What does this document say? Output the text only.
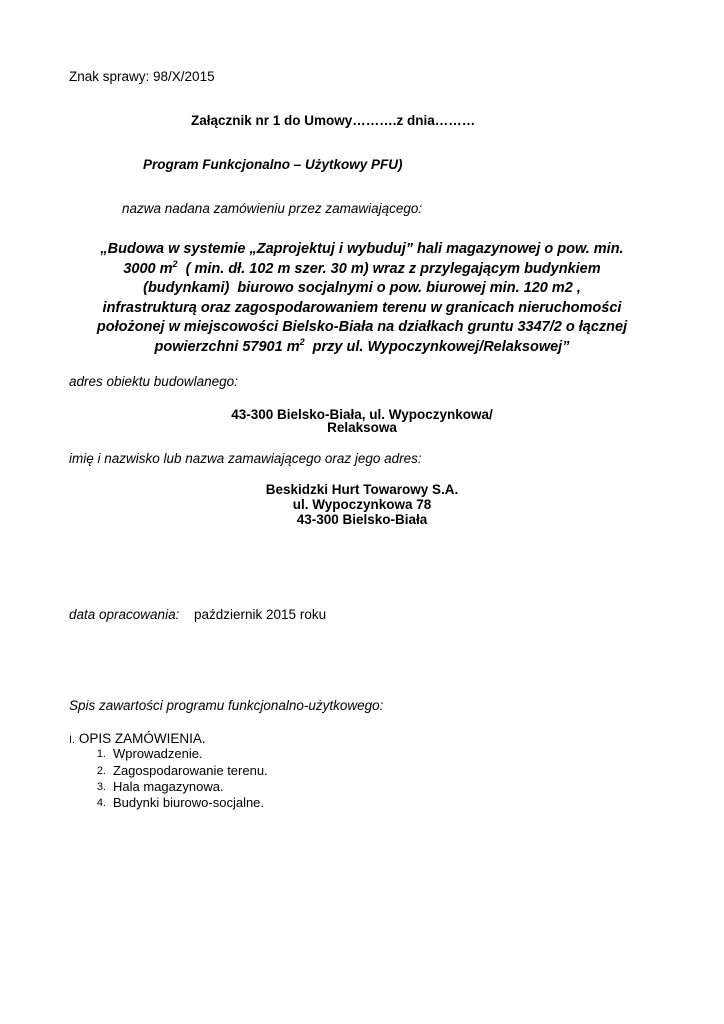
Znak sprawy: 98/X/2015
Załącznik nr 1 do Umowy……….z dnia………
Program Funkcjonalno – Użytkowy PFU)
nazwa nadana zamówieniu przez zamawiającego:
„Budowa w systemie „Zaprojektuj i wybuduj” hali magazynowej o pow. min.
3000 $m^2$  ( min. dł. 102 m szer. 30 m) wraz z przylegającym budynkiem
(budynkami)  biurowo socjalnymi o pow. biurowej min. 120 m2 ,
infrastrukturą oraz zagospodarowaniem terenu w granicach nieruchomości
położonej w miejscowości Bielsko-Biała na działkach gruntu 3347/2 o łącznej
powierzchni 57901 $m^2$  przy ul. Wypoczynkowej/Relaksowej”
adres obiektu budowlanego:
43-300 Bielsko-Biała, ul. Wypoczynkowa/
Relaksowa
imię i nazwisko lub nazwa zamawiającego oraz jego adres:
Beskidzki Hurt Towarowy S.A.
ul. Wypoczynkowa 78
43-300 Bielsko-Biała
data opracowania: październik 2015 roku
Spis zawartości programu funkcjonalno-użytkowego:
I. OPIS ZAMÓWIENIA.
1. Wprowadzenie.
2. Zagospodarowanie terenu.
3. Hala magazynowa.
4. Budynki biurowo-socjalne.
